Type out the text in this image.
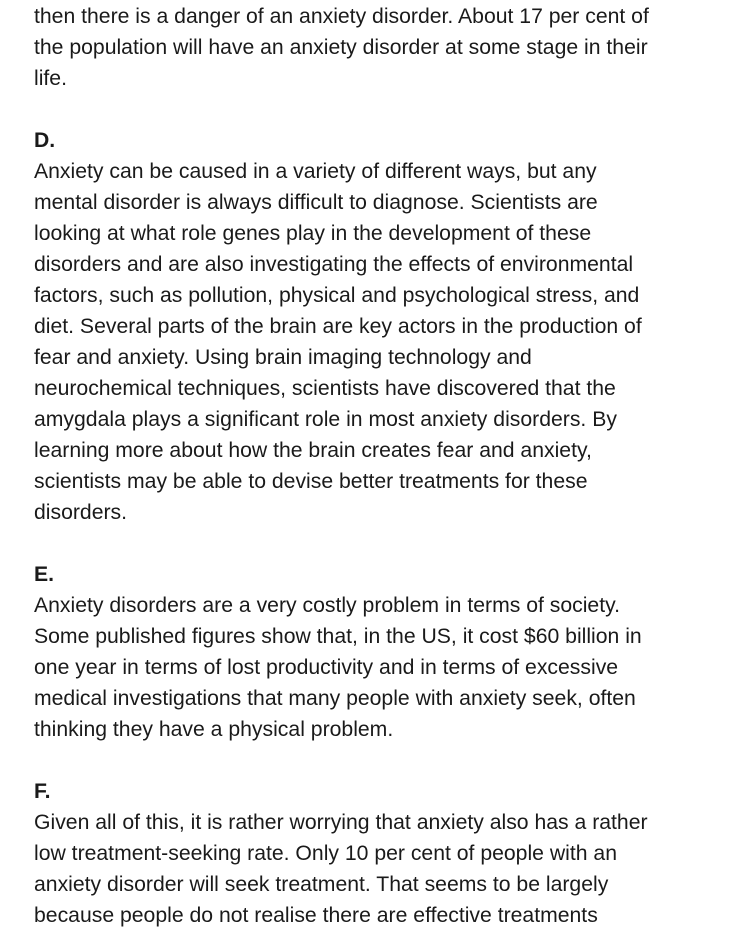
then there is a danger of an anxiety disorder. About 17 per cent of

the population will have an anxiety disorder at some stage in their

life.

D.

Anxiety can be caused in a variety of different ways, but any

mental disorder is always difficult to diagnose. Scientists are

looking at what role genes play in the development of these

disorders and are also investigating the effects of environmental

factors, such as pollution, physical and psychological stress, and

diet. Several parts of the brain are key actors in the production of

fear and anxiety. Using brain imaging technology and

neurochemical techniques, scientists have discovered that the

amygdala plays a significant role in most anxiety disorders. By

learning more about how the brain creates fear and anxiety,

scientists may be able to devise better treatments for these

disorders.

E.

Anxiety disorders are a very costly problem in terms of society.

Some published figures show that, in the US, it cost $60 billion in

one year in terms of lost productivity and in terms of excessive

medical investigations that many people with anxiety seek, often

thinking they have a physical problem.

F.

Given all of this, it is rather worrying that anxiety also has a rather

low treatment-seeking rate. Only 10 per cent of people with an

anxiety disorder will seek treatment. That seems to be largely

because people do not realise there are effective treatments
